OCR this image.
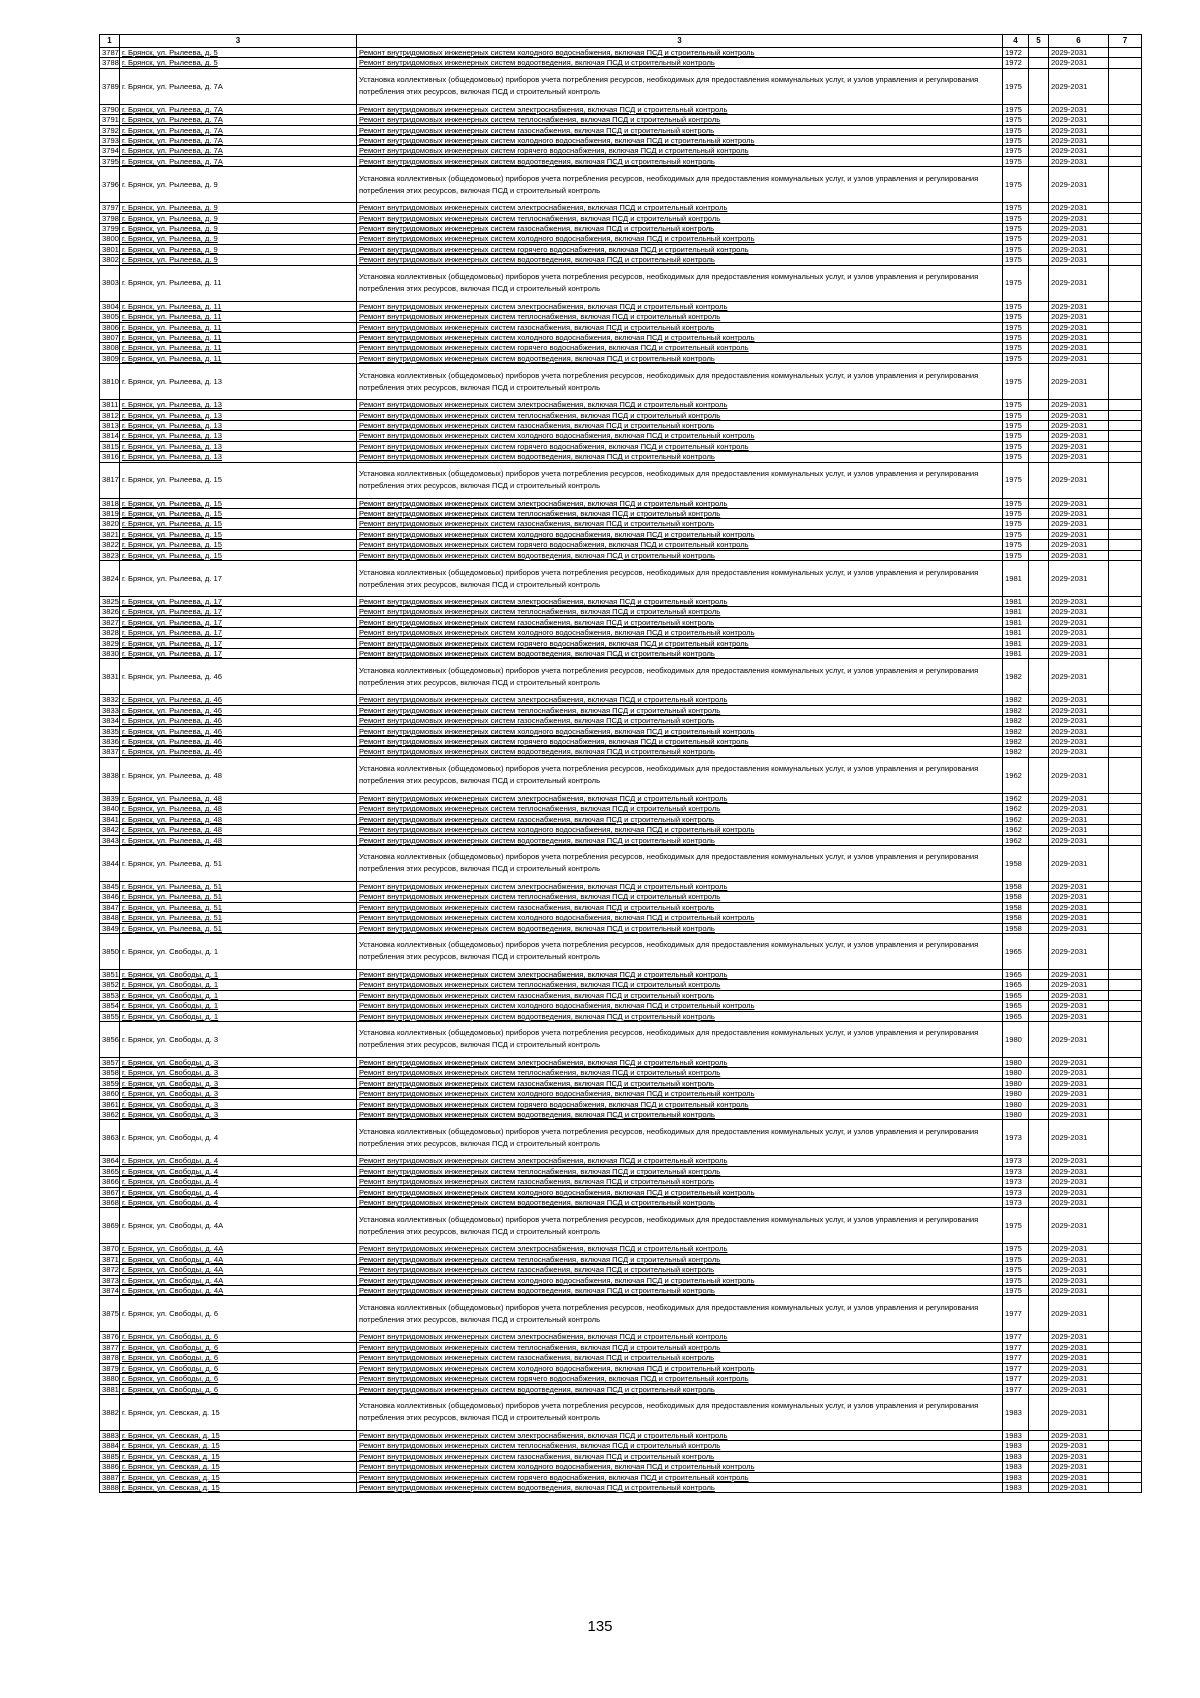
1	3	3	4	5	6	7
3787	г. Брянск, ул. Рылеева, д. 5	Ремонт внутридомовых инженерных систем холодного водоснабжения, включая ПСД и строительный контроль	1972		2029-2031	
3788	г. Брянск, ул. Рылеева, д. 5	Ремонт внутридомовых инженерных систем водоотведения, включая ПСД и строительный контроль	1972		2029-2031	
3789	г. Брянск, ул. Рылеева, д. 7А	Установка коллективных (общедомовых) приборов учета потребления ресурсов, необходимых для предоставления коммунальных услуг, и узлов управления и регулирования потребления этих ресурсов, включая ПСД и строительный контроль	1975		2029-2031	
3790	г. Брянск, ул. Рылеева, д. 7А	Ремонт внутридомовых инженерных систем электроснабжения, включая ПСД и строительный контроль	1975		2029-2031	
3791	г. Брянск, ул. Рылеева, д. 7А	Ремонт внутридомовых инженерных систем теплоснабжения, включая ПСД и строительный контроль	1975		2029-2031	
3792	г. Брянск, ул. Рылеева, д. 7А	Ремонт внутридомовых инженерных систем газоснабжения, включая ПСД и строительный контроль	1975		2029-2031	
3793	г. Брянск, ул. Рылеева, д. 7А	Ремонт внутридомовых инженерных систем холодного водоснабжения, включая ПСД и строительный контроль	1975		2029-2031	
3794	г. Брянск, ул. Рылеева, д. 7А	Ремонт внутридомовых инженерных систем горячего водоснабжения, включая ПСД и строительный контроль	1975		2029-2031	
3795	г. Брянск, ул. Рылеева, д. 7А	Ремонт внутридомовых инженерных систем водоотведения, включая ПСД и строительный контроль	1975		2029-2031	
3796	г. Брянск, ул. Рылеева, д. 9	Установка коллективных (общедомовых) приборов учета потребления ресурсов, необходимых для предоставления коммунальных услуг, и узлов управления и регулирования потребления этих ресурсов, включая ПСД и строительный контроль	1975		2029-2031	
3797	г. Брянск, ул. Рылеева, д. 9	Ремонт внутридомовых инженерных систем электроснабжения, включая ПСД и строительный контроль	1975		2029-2031	
3798	г. Брянск, ул. Рылеева, д. 9	Ремонт внутридомовых инженерных систем теплоснабжения, включая ПСД и строительный контроль	1975		2029-2031	
3799	г. Брянск, ул. Рылеева, д. 9	Ремонт внутридомовых инженерных систем газоснабжения, включая ПСД и строительный контроль	1975		2029-2031	
3800	г. Брянск, ул. Рылеева, д. 9	Ремонт внутридомовых инженерных систем холодного водоснабжения, включая ПСД и строительный контроль	1975		2029-2031	
3801	г. Брянск, ул. Рылеева, д. 9	Ремонт внутридомовых инженерных систем горячего водоснабжения, включая ПСД и строительный контроль	1975		2029-2031	
3802	г. Брянск, ул. Рылеева, д. 9	Ремонт внутридомовых инженерных систем водоотведения, включая ПСД и строительный контроль	1975		2029-2031	
3803	г. Брянск, ул. Рылеева, д. 11	Установка коллективных (общедомовых) приборов учета потребления ресурсов, необходимых для предоставления коммунальных услуг, и узлов управления и регулирования потребления этих ресурсов, включая ПСД и строительный контроль	1975		2029-2031	
3804	г. Брянск, ул. Рылеева, д. 11	Ремонт внутридомовых инженерных систем электроснабжения, включая ПСД и строительный контроль	1975		2029-2031	
3805	г. Брянск, ул. Рылеева, д. 11	Ремонт внутридомовых инженерных систем теплоснабжения, включая ПСД и строительный контроль	1975		2029-2031	
3806	г. Брянск, ул. Рылеева, д. 11	Ремонт внутридомовых инженерных систем газоснабжения, включая ПСД и строительный контроль	1975		2029-2031	
3807	г. Брянск, ул. Рылеева, д. 11	Ремонт внутридомовых инженерных систем холодного водоснабжения, включая ПСД и строительный контроль	1975		2029-2031	
3808	г. Брянск, ул. Рылеева, д. 11	Ремонт внутридомовых инженерных систем горячего водоснабжения, включая ПСД и строительный контроль	1975		2029-2031	
3809	г. Брянск, ул. Рылеева, д. 11	Ремонт внутридомовых инженерных систем водоотведения, включая ПСД и строительный контроль	1975		2029-2031	
3810	г. Брянск, ул. Рылеева, д. 13	Установка коллективных (общедомовых) приборов учета потребления ресурсов, необходимых для предоставления коммунальных услуг, и узлов управления и регулирования потребления этих ресурсов, включая ПСД и строительный контроль	1975		2029-2031	
3811	г. Брянск, ул. Рылеева, д. 13	Ремонт внутридомовых инженерных систем электроснабжения, включая ПСД и строительный контроль	1975		2029-2031	
3812	г. Брянск, ул. Рылеева, д. 13	Ремонт внутридомовых инженерных систем теплоснабжения, включая ПСД и строительный контроль	1975		2029-2031	
3813	г. Брянск, ул. Рылеева, д. 13	Ремонт внутридомовых инженерных систем газоснабжения, включая ПСД и строительный контроль	1975		2029-2031	
3814	г. Брянск, ул. Рылеева, д. 13	Ремонт внутридомовых инженерных систем холодного водоснабжения, включая ПСД и строительный контроль	1975		2029-2031	
3815	г. Брянск, ул. Рылеева, д. 13	Ремонт внутридомовых инженерных систем горячего водоснабжения, включая ПСД и строительный контроль	1975		2029-2031	
3816	г. Брянск, ул. Рылеева, д. 13	Ремонт внутридомовых инженерных систем водоотведения, включая ПСД и строительный контроль	1975		2029-2031	
3817	г. Брянск, ул. Рылеева, д. 15	Установка коллективных (общедомовых) приборов учета потребления ресурсов, необходимых для предоставления коммунальных услуг, и узлов управления и регулирования потребления этих ресурсов, включая ПСД и строительный контроль	1975		2029-2031	
3818	г. Брянск, ул. Рылеева, д. 15	Ремонт внутридомовых инженерных систем электроснабжения, включая ПСД и строительный контроль	1975		2029-2031	
3819	г. Брянск, ул. Рылеева, д. 15	Ремонт внутридомовых инженерных систем теплоснабжения, включая ПСД и строительный контроль	1975		2029-2031	
3820	г. Брянск, ул. Рылеева, д. 15	Ремонт внутридомовых инженерных систем газоснабжения, включая ПСД и строительный контроль	1975		2029-2031	
3821	г. Брянск, ул. Рылеева, д. 15	Ремонт внутридомовых инженерных систем холодного водоснабжения, включая ПСД и строительный контроль	1975		2029-2031	
3822	г. Брянск, ул. Рылеева, д. 15	Ремонт внутридомовых инженерных систем горячего водоснабжения, включая ПСД и строительный контроль	1975		2029-2031	
3823	г. Брянск, ул. Рылеева, д. 15	Ремонт внутридомовых инженерных систем водоотведения, включая ПСД и строительный контроль	1975		2029-2031	
3824	г. Брянск, ул. Рылеева, д. 17	Установка коллективных (общедомовых) приборов учета потребления ресурсов, необходимых для предоставления коммунальных услуг, и узлов управления и регулирования потребления этих ресурсов, включая ПСД и строительный контроль	1981		2029-2031	
3825	г. Брянск, ул. Рылеева, д. 17	Ремонт внутридомовых инженерных систем электроснабжения, включая ПСД и строительный контроль	1981		2029-2031	
3826	г. Брянск, ул. Рылеева, д. 17	Ремонт внутридомовых инженерных систем теплоснабжения, включая ПСД и строительный контроль	1981		2029-2031	
3827	г. Брянск, ул. Рылеева, д. 17	Ремонт внутридомовых инженерных систем газоснабжения, включая ПСД и строительный контроль	1981		2029-2031	
3828	г. Брянск, ул. Рылеева, д. 17	Ремонт внутридомовых инженерных систем холодного водоснабжения, включая ПСД и строительный контроль	1981		2029-2031	
3829	г. Брянск, ул. Рылеева, д. 17	Ремонт внутридомовых инженерных систем горячего водоснабжения, включая ПСД и строительный контроль	1981		2029-2031	
3830	г. Брянск, ул. Рылеева, д. 17	Ремонт внутридомовых инженерных систем водоотведения, включая ПСД и строительный контроль	1981		2029-2031	
3831	г. Брянск, ул. Рылеева, д. 46	Установка коллективных (общедомовых) приборов учета потребления ресурсов, необходимых для предоставления коммунальных услуг, и узлов управления и регулирования потребления этих ресурсов, включая ПСД и строительный контроль	1982		2029-2031	
3832	г. Брянск, ул. Рылеева, д. 46	Ремонт внутридомовых инженерных систем электроснабжения, включая ПСД и строительный контроль	1982		2029-2031	
3833	г. Брянск, ул. Рылеева, д. 46	Ремонт внутридомовых инженерных систем теплоснабжения, включая ПСД и строительный контроль	1982		2029-2031	
3834	г. Брянск, ул. Рылеева, д. 46	Ремонт внутридомовых инженерных систем газоснабжения, включая ПСД и строительный контроль	1982		2029-2031	
3835	г. Брянск, ул. Рылеева, д. 46	Ремонт внутридомовых инженерных систем холодного водоснабжения, включая ПСД и строительный контроль	1982		2029-2031	
3836	г. Брянск, ул. Рылеева, д. 46	Ремонт внутридомовых инженерных систем горячего водоснабжения, включая ПСД и строительный контроль	1982		2029-2031	
3837	г. Брянск, ул. Рылеева, д. 46	Ремонт внутридомовых инженерных систем водоотведения, включая ПСД и строительный контроль	1982		2029-2031	
3838	г. Брянск, ул. Рылеева, д. 48	Установка коллективных (общедомовых) приборов учета потребления ресурсов, необходимых для предоставления коммунальных услуг, и узлов управления и регулирования потребления этих ресурсов, включая ПСД и строительный контроль	1962		2029-2031	
3839	г. Брянск, ул. Рылеева, д. 48	Ремонт внутридомовых инженерных систем электроснабжения, включая ПСД и строительный контроль	1962		2029-2031	
3840	г. Брянск, ул. Рылеева, д. 48	Ремонт внутридомовых инженерных систем теплоснабжения, включая ПСД и строительный контроль	1962		2029-2031	
3841	г. Брянск, ул. Рылеева, д. 48	Ремонт внутридомовых инженерных систем газоснабжения, включая ПСД и строительный контроль	1962		2029-2031	
3842	г. Брянск, ул. Рылеева, д. 48	Ремонт внутридомовых инженерных систем холодного водоснабжения, включая ПСД и строительный контроль	1962		2029-2031	
3843	г. Брянск, ул. Рылеева, д. 48	Ремонт внутридомовых инженерных систем водоотведения, включая ПСД и строительный контроль	1962		2029-2031	
3844	г. Брянск, ул. Рылеева, д. 51	Установка коллективных (общедомовых) приборов учета потребления ресурсов, необходимых для предоставления коммунальных услуг, и узлов управления и регулирования потребления этих ресурсов, включая ПСД и строительный контроль	1958		2029-2031	
3845	г. Брянск, ул. Рылеева, д. 51	Ремонт внутридомовых инженерных систем электроснабжения, включая ПСД и строительный контроль	1958		2029-2031	
3846	г. Брянск, ул. Рылеева, д. 51	Ремонт внутридомовых инженерных систем теплоснабжения, включая ПСД и строительный контроль	1958		2029-2031	
3847	г. Брянск, ул. Рылеева, д. 51	Ремонт внутридомовых инженерных систем газоснабжения, включая ПСД и строительный контроль	1958		2029-2031	
3848	г. Брянск, ул. Рылеева, д. 51	Ремонт внутридомовых инженерных систем холодного водоснабжения, включая ПСД и строительный контроль	1958		2029-2031	
3849	г. Брянск, ул. Рылеева, д. 51	Ремонт внутридомовых инженерных систем водоотведения, включая ПСД и строительный контроль	1958		2029-2031	
3850	г. Брянск, ул. Свободы, д. 1	Установка коллективных (общедомовых) приборов учета потребления ресурсов, необходимых для предоставления коммунальных услуг, и узлов управления и регулирования потребления этих ресурсов, включая ПСД и строительный контроль	1965		2029-2031	
3851	г. Брянск, ул. Свободы, д. 1	Ремонт внутридомовых инженерных систем электроснабжения, включая ПСД и строительный контроль	1965		2029-2031	
3852	г. Брянск, ул. Свободы, д. 1	Ремонт внутридомовых инженерных систем теплоснабжения, включая ПСД и строительный контроль	1965		2029-2031	
3853	г. Брянск, ул. Свободы, д. 1	Ремонт внутридомовых инженерных систем газоснабжения, включая ПСД и строительный контроль	1965		2029-2031	
3854	г. Брянск, ул. Свободы, д. 1	Ремонт внутридомовых инженерных систем холодного водоснабжения, включая ПСД и строительный контроль	1965		2029-2031	
3855	г. Брянск, ул. Свободы, д. 1	Ремонт внутридомовых инженерных систем водоотведения, включая ПСД и строительный контроль	1965		2029-2031	
3856	г. Брянск, ул. Свободы, д. 3	Установка коллективных (общедомовых) приборов учета потребления ресурсов, необходимых для предоставления коммунальных услуг, и узлов управления и регулирования потребления этих ресурсов, включая ПСД и строительный контроль	1980		2029-2031	
3857	г. Брянск, ул. Свободы, д. 3	Ремонт внутридомовых инженерных систем электроснабжения, включая ПСД и строительный контроль	1980		2029-2031	
3858	г. Брянск, ул. Свободы, д. 3	Ремонт внутридомовых инженерных систем теплоснабжения, включая ПСД и строительный контроль	1980		2029-2031	
3859	г. Брянск, ул. Свободы, д. 3	Ремонт внутридомовых инженерных систем газоснабжения, включая ПСД и строительный контроль	1980		2029-2031	
3860	г. Брянск, ул. Свободы, д. 3	Ремонт внутридомовых инженерных систем холодного водоснабжения, включая ПСД и строительный контроль	1980		2029-2031	
3861	г. Брянск, ул. Свободы, д. 3	Ремонт внутридомовых инженерных систем горячего водоснабжения, включая ПСД и строительный контроль	1980		2029-2031	
3862	г. Брянск, ул. Свободы, д. 3	Ремонт внутридомовых инженерных систем водоотведения, включая ПСД и строительный контроль	1980		2029-2031	
3863	г. Брянск, ул. Свободы, д. 4	Установка коллективных (общедомовых) приборов учета потребления ресурсов, необходимых для предоставления коммунальных услуг, и узлов управления и регулирования потребления этих ресурсов, включая ПСД и строительный контроль	1973		2029-2031	
3864	г. Брянск, ул. Свободы, д. 4	Ремонт внутридомовых инженерных систем электроснабжения, включая ПСД и строительный контроль	1973		2029-2031	
3865	г. Брянск, ул. Свободы, д. 4	Ремонт внутридомовых инженерных систем теплоснабжения, включая ПСД и строительный контроль	1973		2029-2031	
3866	г. Брянск, ул. Свободы, д. 4	Ремонт внутридомовых инженерных систем газоснабжения, включая ПСД и строительный контроль	1973		2029-2031	
3867	г. Брянск, ул. Свободы, д. 4	Ремонт внутридомовых инженерных систем холодного водоснабжения, включая ПСД и строительный контроль	1973		2029-2031	
3868	г. Брянск, ул. Свободы, д. 4	Ремонт внутридомовых инженерных систем водоотведения, включая ПСД и строительный контроль	1973		2029-2031	
3869	г. Брянск, ул. Свободы, д. 4А	Установка коллективных (общедомовых) приборов учета потребления ресурсов, необходимых для предоставления коммунальных услуг, и узлов управления и регулирования потребления этих ресурсов, включая ПСД и строительный контроль	1975		2029-2031	
3870	г. Брянск, ул. Свободы, д. 4А	Ремонт внутридомовых инженерных систем электроснабжения, включая ПСД и строительный контроль	1975		2029-2031	
3871	г. Брянск, ул. Свободы, д. 4А	Ремонт внутридомовых инженерных систем теплоснабжения, включая ПСД и строительный контроль	1975		2029-2031	
3872	г. Брянск, ул. Свободы, д. 4А	Ремонт внутридомовых инженерных систем газоснабжения, включая ПСД и строительный контроль	1975		2029-2031	
3873	г. Брянск, ул. Свободы, д. 4А	Ремонт внутридомовых инженерных систем холодного водоснабжения, включая ПСД и строительный контроль	1975		2029-2031	
3874	г. Брянск, ул. Свободы, д. 4А	Ремонт внутридомовых инженерных систем водоотведения, включая ПСД и строительный контроль	1975		2029-2031	
3875	г. Брянск, ул. Свободы, д. 6	Установка коллективных (общедомовых) приборов учета потребления ресурсов, необходимых для предоставления коммунальных услуг, и узлов управления и регулирования потребления этих ресурсов, включая ПСД и строительный контроль	1977		2029-2031	
3876	г. Брянск, ул. Свободы, д. 6	Ремонт внутридомовых инженерных систем электроснабжения, включая ПСД и строительный контроль	1977		2029-2031	
3877	г. Брянск, ул. Свободы, д. 6	Ремонт внутридомовых инженерных систем теплоснабжения, включая ПСД и строительный контроль	1977		2029-2031	
3878	г. Брянск, ул. Свободы, д. 6	Ремонт внутридомовых инженерных систем газоснабжения, включая ПСД и строительный контроль	1977		2029-2031	
3879	г. Брянск, ул. Свободы, д. 6	Ремонт внутридомовых инженерных систем холодного водоснабжения, включая ПСД и строительный контроль	1977		2029-2031	
3880	г. Брянск, ул. Свободы, д. 6	Ремонт внутридомовых инженерных систем горячего водоснабжения, включая ПСД и строительный контроль	1977		2029-2031	
3881	г. Брянск, ул. Свободы, д. 6	Ремонт внутридомовых инженерных систем водоотведения, включая ПСД и строительный контроль	1977		2029-2031	
3882	г. Брянск, ул. Севская, д. 15	Установка коллективных (общедомовых) приборов учета потребления ресурсов, необходимых для предоставления коммунальных услуг, и узлов управления и регулирования потребления этих ресурсов, включая ПСД и строительный контроль	1983		2029-2031	
3883	г. Брянск, ул. Севская, д. 15	Ремонт внутридомовых инженерных систем электроснабжения, включая ПСД и строительный контроль	1983		2029-2031	
3884	г. Брянск, ул. Севская, д. 15	Ремонт внутридомовых инженерных систем теплоснабжения, включая ПСД и строительный контроль	1983		2029-2031	
3885	г. Брянск, ул. Севская, д. 15	Ремонт внутридомовых инженерных систем газоснабжения, включая ПСД и строительный контроль	1983		2029-2031	
3886	г. Брянск, ул. Севская, д. 15	Ремонт внутридомовых инженерных систем холодного водоснабжения, включая ПСД и строительный контроль	1983		2029-2031	
3887	г. Брянск, ул. Севская, д. 15	Ремонт внутридомовых инженерных систем горячего водоснабжения, включая ПСД и строительный контроль	1983		2029-2031	
3888	г. Брянск, ул. Севская, д. 15	Ремонт внутридомовых инженерных систем водоотведения, включая ПСД и строительный контроль	1983		2029-2031	
135
